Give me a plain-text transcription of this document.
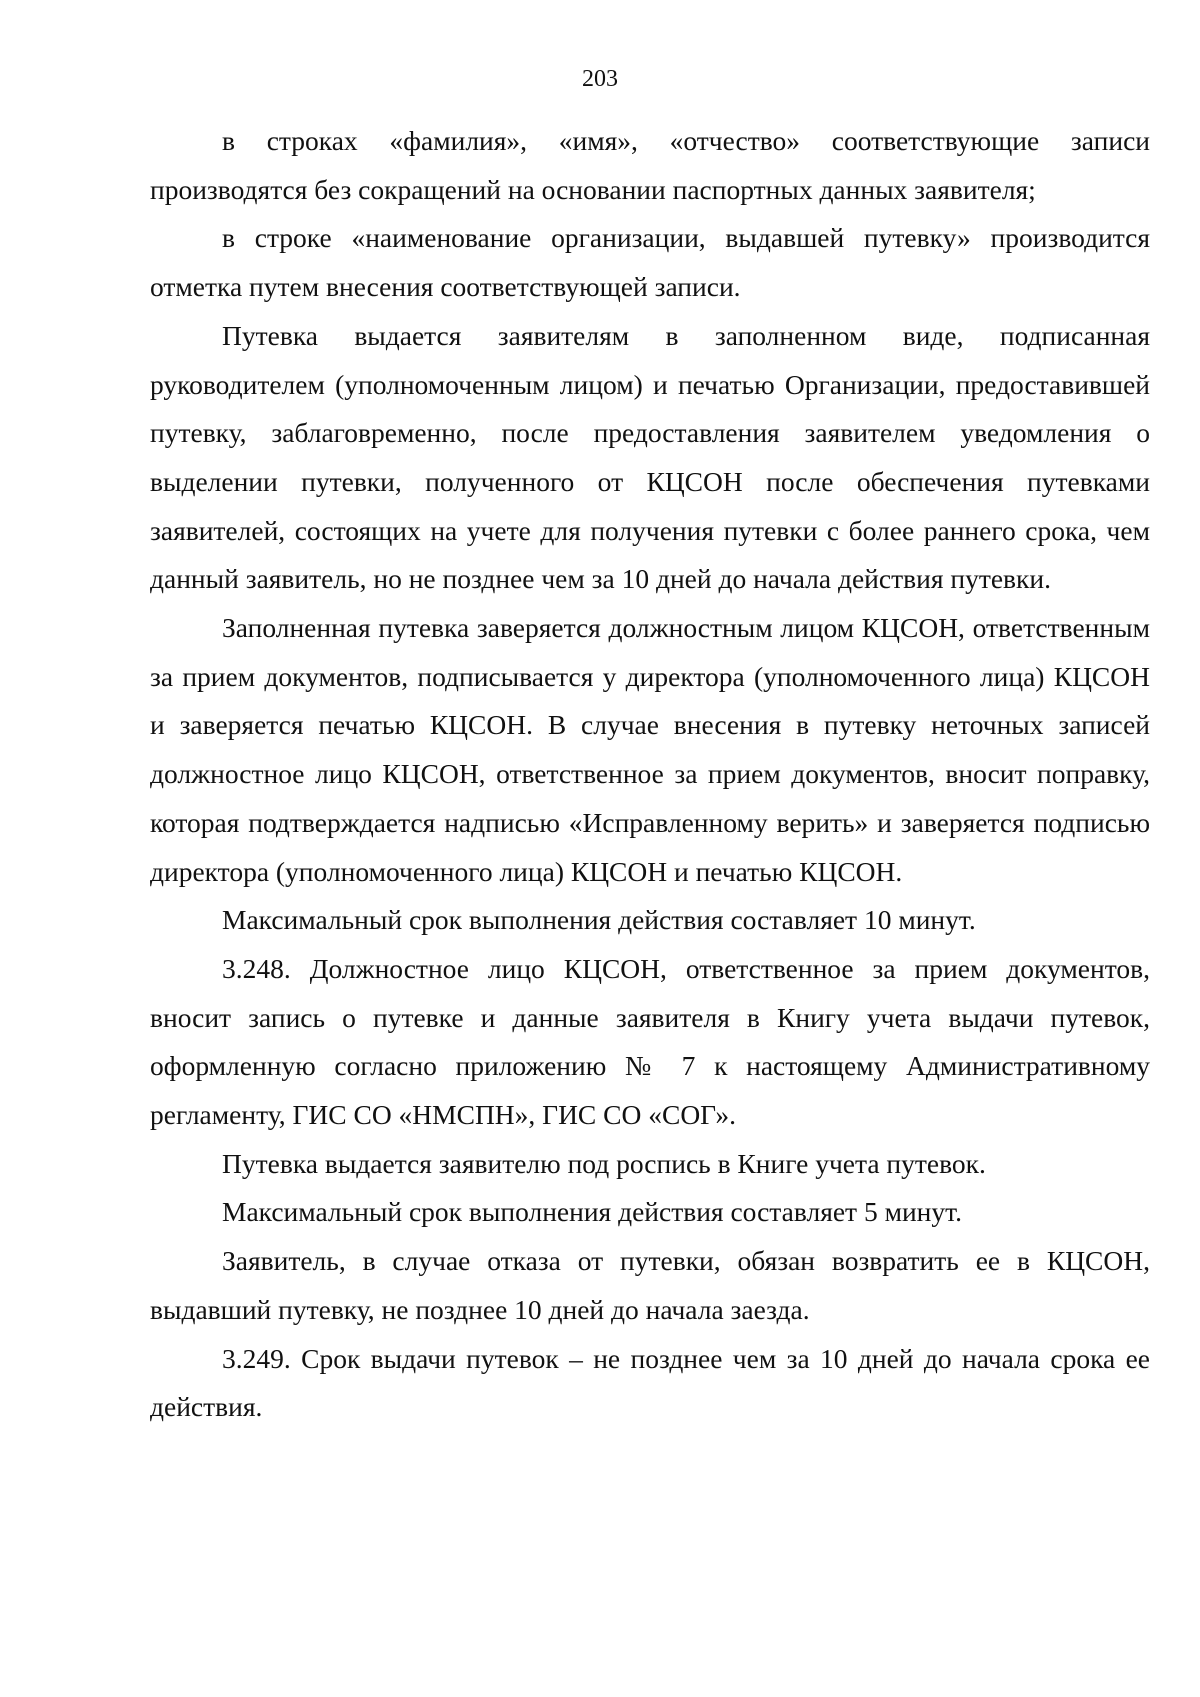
203

в строках «фамилия», «имя», «отчество» соответствующие записи производятся без сокращений на основании паспортных данных заявителя;

в строке «наименование организации, выдавшей путевку» производится отметка путем внесения соответствующей записи.

Путевка выдается заявителям в заполненном виде, подписанная руководителем (уполномоченным лицом) и печатью Организации, предоставившей путевку, заблаговременно, после предоставления заявителем уведомления о выделении путевки, полученного от КЦСОН после обеспечения путевками заявителей, состоящих на учете для получения путевки с более раннего срока, чем данный заявитель, но не позднее чем за 10 дней до начала действия путевки.

Заполненная путевка заверяется должностным лицом КЦСОН, ответственным за прием документов, подписывается у директора (уполномоченного лица) КЦСОН и заверяется печатью КЦСОН. В случае внесения в путевку неточных записей должностное лицо КЦСОН, ответственное за прием документов, вносит поправку, которая подтверждается надписью «Исправленному верить» и заверяется подписью директора (уполномоченного лица) КЦСОН и печатью КЦСОН.

Максимальный срок выполнения действия составляет 10 минут.

3.248. Должностное лицо КЦСОН, ответственное за прием документов, вносит запись о путевке и данные заявителя в Книгу учета выдачи путевок, оформленную согласно приложению № 7 к настоящему Административному регламенту, ГИС СО «НМСПН», ГИС СО «СОГ».

Путевка выдается заявителю под роспись в Книге учета путевок.

Максимальный срок выполнения действия составляет 5 минут.

Заявитель, в случае отказа от путевки, обязан возвратить ее в КЦСОН, выдавший путевку, не позднее 10 дней до начала заезда.

3.249. Срок выдачи путевок – не позднее чем за 10 дней до начала срока ее действия.
